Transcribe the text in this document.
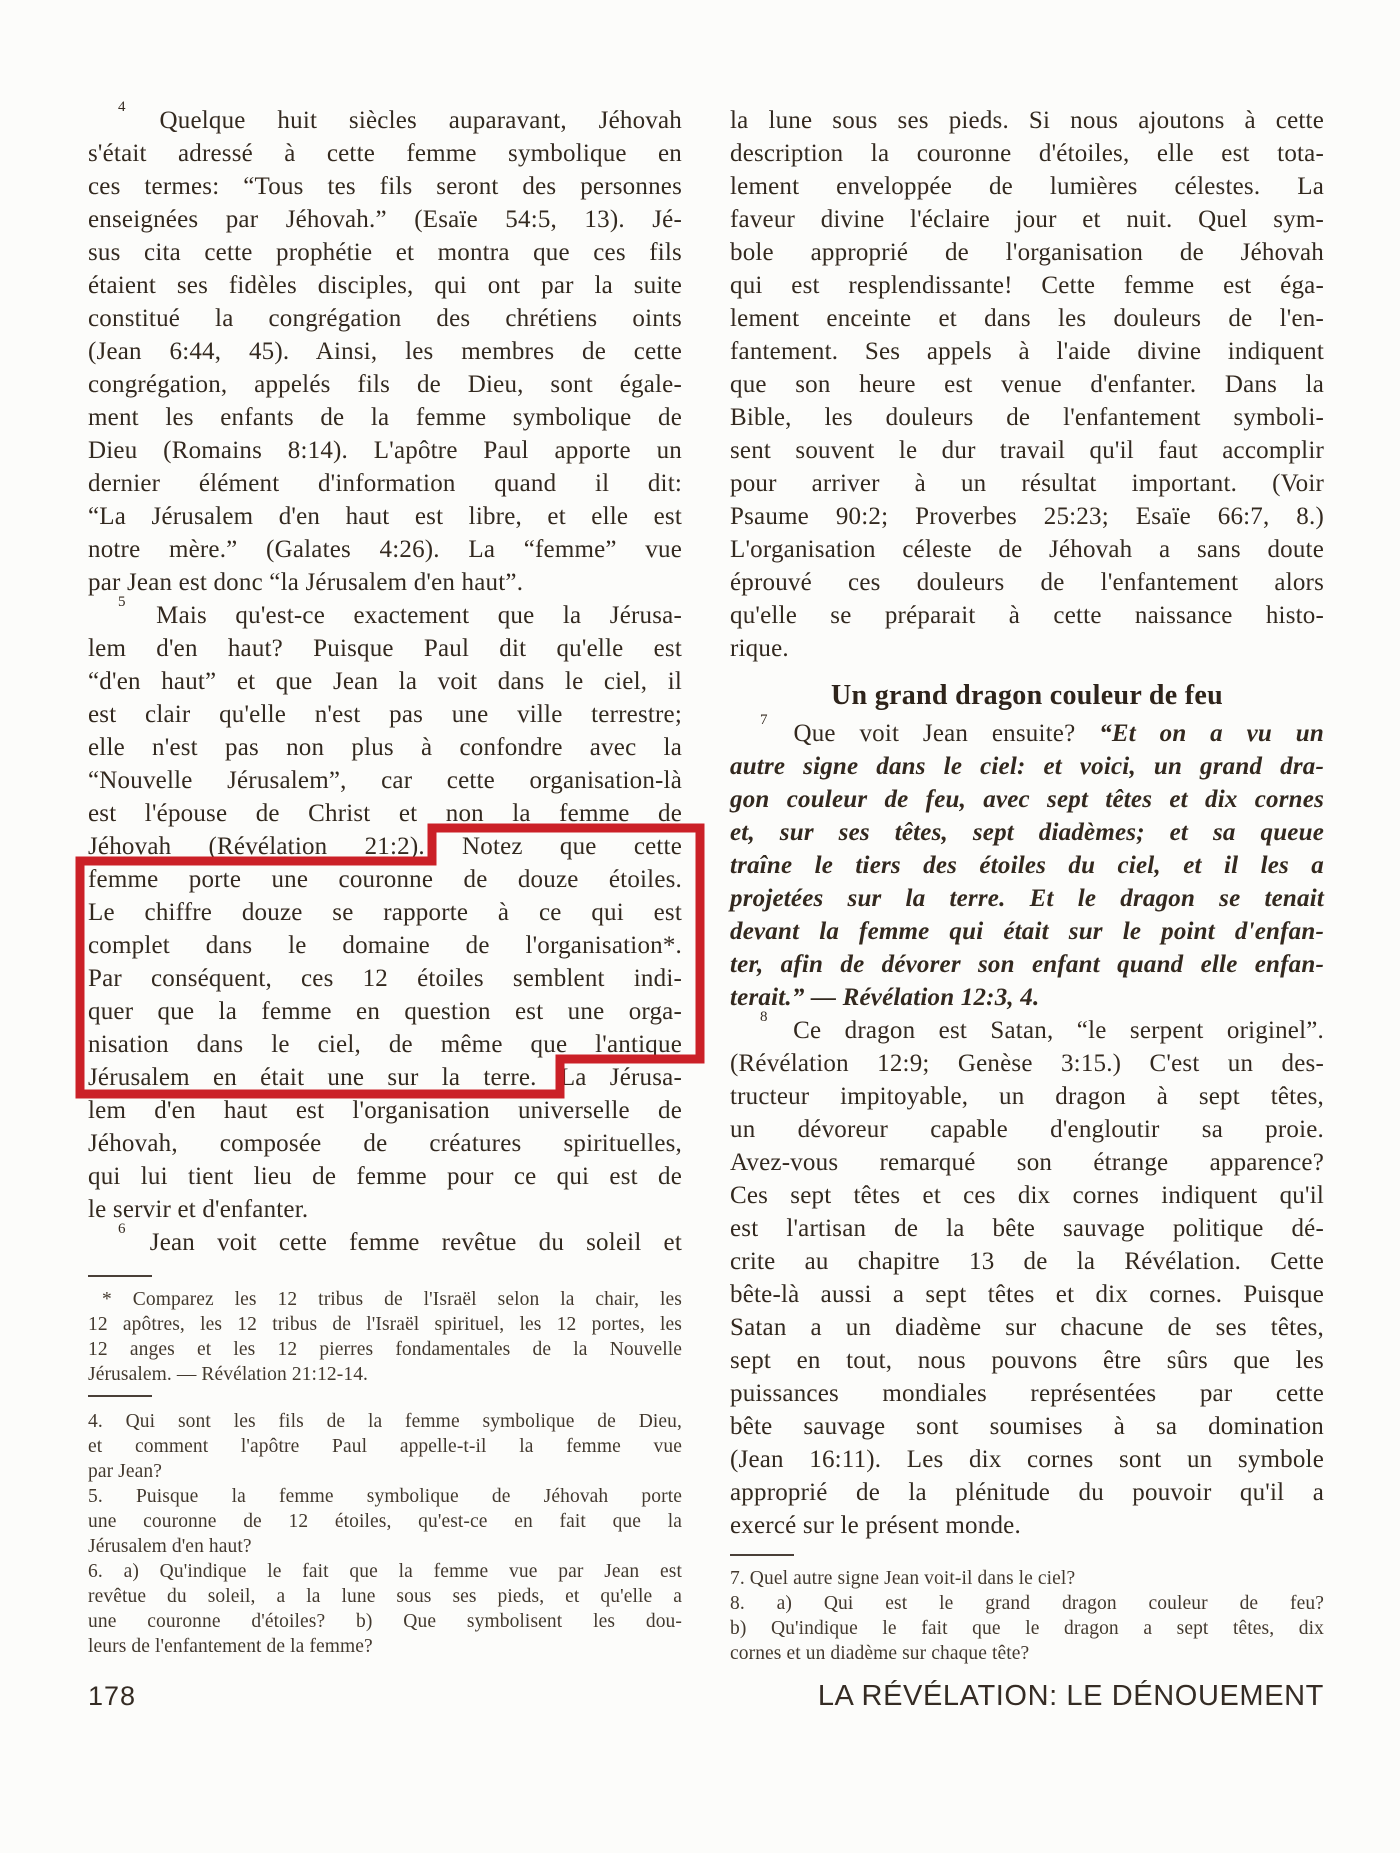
$^4$ Quelque huit siècles auparavant, Jéhovah
s'était adressé à cette femme symbolique en
ces termes: “Tous tes fils seront des personnes
enseignées par Jéhovah.” (Esaïe 54:5, 13). Jé-
sus cita cette prophétie et montra que ces fils
étaient ses fidèles disciples, qui ont par la suite
constitué la congrégation des chrétiens oints
(Jean 6:44, 45). Ainsi, les membres de cette
congrégation, appelés fils de Dieu, sont égale-
ment les enfants de la femme symbolique de
Dieu (Romains 8:14). L'apôtre Paul apporte un
dernier élément d'information quand il dit:
“La Jérusalem d'en haut est libre, et elle est
notre mère.” (Galates 4:26). La “femme” vue
par Jean est donc “la Jérusalem d'en haut”.
$^5$ Mais qu'est-ce exactement que la Jérusa-
lem d'en haut? Puisque Paul dit qu'elle est
“d'en haut” et que Jean la voit dans le ciel, il
est clair qu'elle n'est pas une ville terrestre;
elle n'est pas non plus à confondre avec la
“Nouvelle Jérusalem”, car cette organisation-là
est l'épouse de Christ et non la femme de
Jéhovah (Révélation 21:2). Notez que cette
femme porte une couronne de douze étoiles.
Le chiffre douze se rapporte à ce qui est
complet dans le domaine de l'organisation*.
Par conséquent, ces 12 étoiles semblent indi-
quer que la femme en question est une orga-
nisation dans le ciel, de même que l'antique
Jérusalem en était une sur la terre. La Jérusa-
lem d'en haut est l'organisation universelle de
Jéhovah, composée de créatures spirituelles,
qui lui tient lieu de femme pour ce qui est de
le servir et d'enfanter.
$^6$ Jean voit cette femme revêtue du soleil et
* Comparez les 12 tribus de l'Israël selon la chair, les
12 apôtres, les 12 tribus de l'Israël spirituel, les 12 portes, les
12 anges et les 12 pierres fondamentales de la Nouvelle
Jérusalem. — Révélation 21:12-14.
4. Qui sont les fils de la femme symbolique de Dieu,
et comment l'apôtre Paul appelle-t-il la femme vue
par Jean?
5. Puisque la femme symbolique de Jéhovah porte
une couronne de 12 étoiles, qu'est-ce en fait que la
Jérusalem d'en haut?
6. a) Qu'indique le fait que la femme vue par Jean est
revêtue du soleil, a la lune sous ses pieds, et qu'elle a
une couronne d'étoiles? b) Que symbolisent les dou-
leurs de l'enfantement de la femme?
la lune sous ses pieds. Si nous ajoutons à cette
description la couronne d'étoiles, elle est tota-
lement enveloppée de lumières célestes. La
faveur divine l'éclaire jour et nuit. Quel sym-
bole approprié de l'organisation de Jéhovah
qui est resplendissante! Cette femme est éga-
lement enceinte et dans les douleurs de l'en-
fantement. Ses appels à l'aide divine indiquent
que son heure est venue d'enfanter. Dans la
Bible, les douleurs de l'enfantement symboli-
sent souvent le dur travail qu'il faut accomplir
pour arriver à un résultat important. (Voir
Psaume 90:2; Proverbes 25:23; Esaïe 66:7, 8.)
L'organisation céleste de Jéhovah a sans doute
éprouvé ces douleurs de l'enfantement alors
qu'elle se préparait à cette naissance histo-
rique.
Un grand dragon couleur de feu
$^7$ Que voit Jean ensuite? “Et on a vu un
autre signe dans le ciel: et voici, un grand dra-
gon couleur de feu, avec sept têtes et dix cornes
et, sur ses têtes, sept diadèmes; et sa queue
traîne le tiers des étoiles du ciel, et il les a
projetées sur la terre. Et le dragon se tenait
devant la femme qui était sur le point d'enfan-
ter, afin de dévorer son enfant quand elle enfan-
terait.” — Révélation 12:3, 4.
$^8$ Ce dragon est Satan, “le serpent originel”.
(Révélation 12:9; Genèse 3:15.) C'est un des-
tructeur impitoyable, un dragon à sept têtes,
un dévoreur capable d'engloutir sa proie.
Avez-vous remarqué son étrange apparence?
Ces sept têtes et ces dix cornes indiquent qu'il
est l'artisan de la bête sauvage politique dé-
crite au chapitre 13 de la Révélation. Cette
bête-là aussi a sept têtes et dix cornes. Puisque
Satan a un diadème sur chacune de ses têtes,
sept en tout, nous pouvons être sûrs que les
puissances mondiales représentées par cette
bête sauvage sont soumises à sa domination
(Jean 16:11). Les dix cornes sont un symbole
approprié de la plénitude du pouvoir qu'il a
exercé sur le présent monde.
7. Quel autre signe Jean voit-il dans le ciel?
8. a) Qui est le grand dragon couleur de feu?
b) Qu'indique le fait que le dragon a sept têtes, dix
cornes et un diadème sur chaque tête?
178	LA RÉVÉLATION: LE DÉNOUEMENT
